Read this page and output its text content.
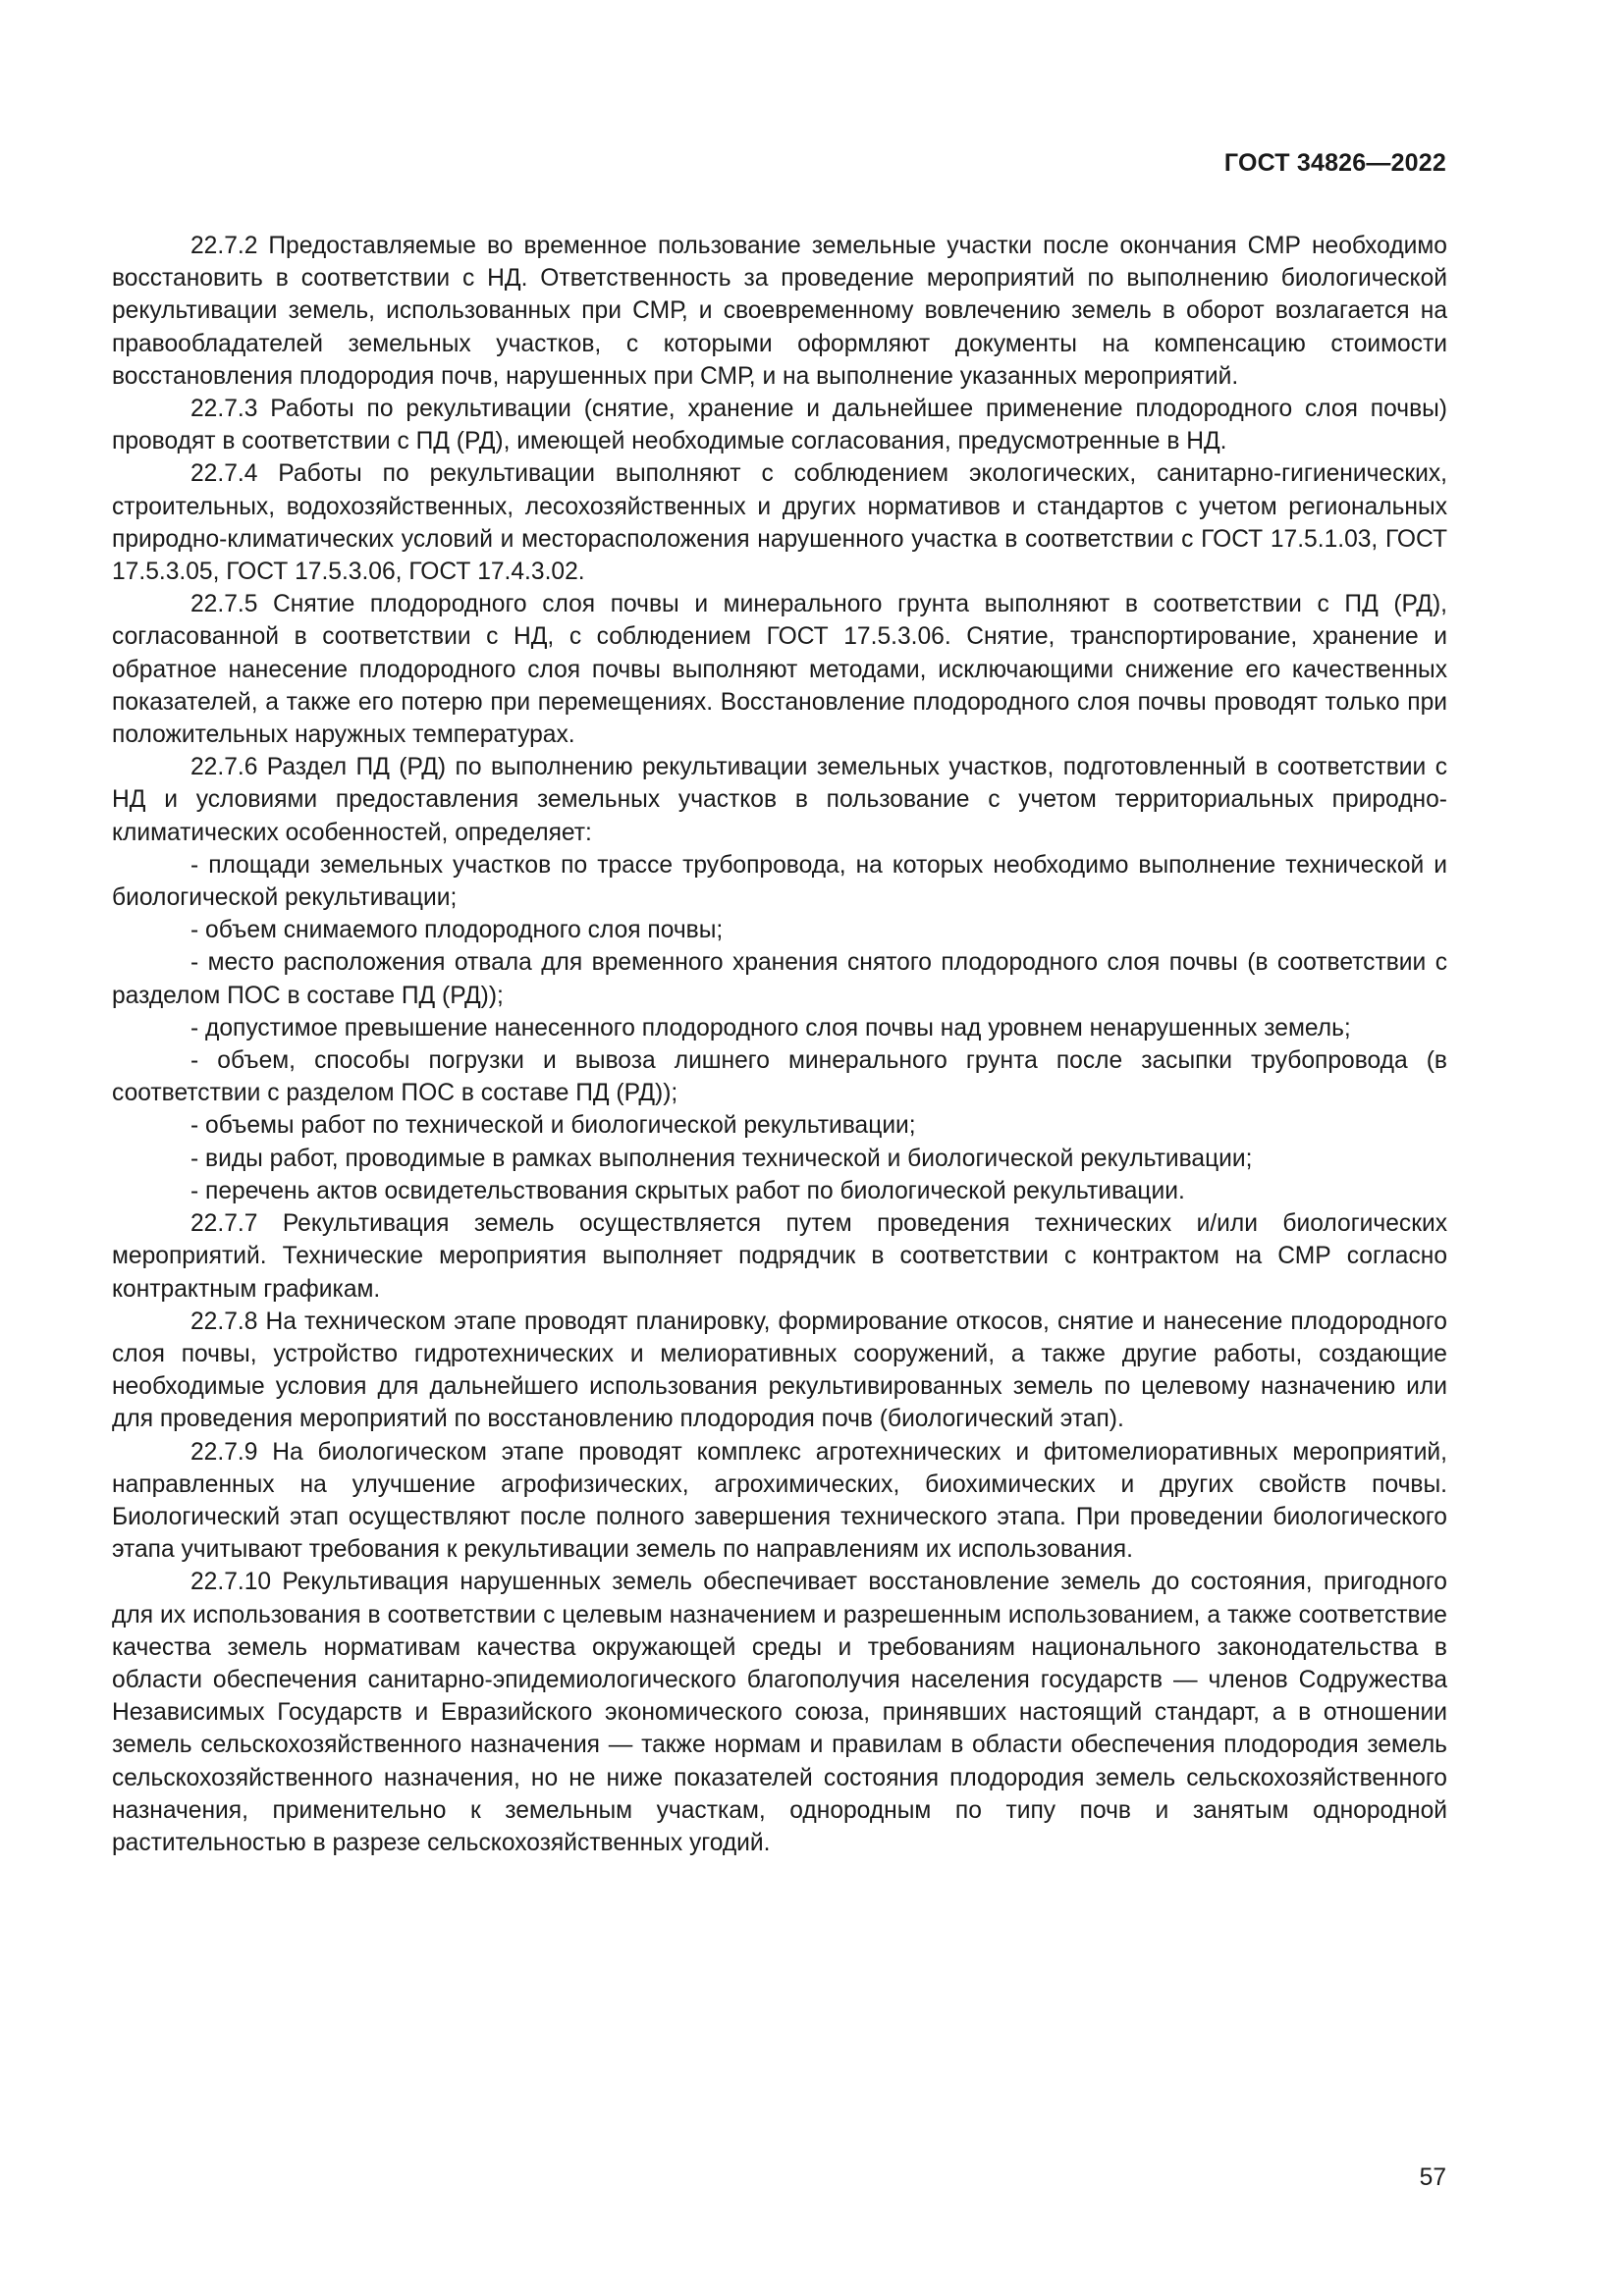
ГОСТ 34826—2022

22.7.2 Предоставляемые во временное пользование земельные участки после окончания СМР необходимо восстановить в соответствии с НД. Ответственность за проведение мероприятий по выполнению биологической рекультивации земель, использованных при СМР, и своевременному вовлечению земель в оборот возлагается на правообладателей земельных участков, с которыми оформляют документы на компенсацию стоимости восстановления плодородия почв, нарушенных при СМР, и на выполнение указанных мероприятий.

22.7.3 Работы по рекультивации (снятие, хранение и дальнейшее применение плодородного слоя почвы) проводят в соответствии с ПД (РД), имеющей необходимые согласования, предусмотренные в НД.

22.7.4 Работы по рекультивации выполняют с соблюдением экологических, санитарно-гигиенических, строительных, водохозяйственных, лесохозяйственных и других нормативов и стандартов с учетом региональных природно-климатических условий и месторасположения нарушенного участка в соответствии с ГОСТ 17.5.1.03, ГОСТ 17.5.3.05, ГОСТ 17.5.3.06, ГОСТ 17.4.3.02.

22.7.5 Снятие плодородного слоя почвы и минерального грунта выполняют в соответствии с ПД (РД), согласованной в соответствии с НД, с соблюдением ГОСТ 17.5.3.06. Снятие, транспортирование, хранение и обратное нанесение плодородного слоя почвы выполняют методами, исключающими снижение его качественных показателей, а также его потерю при перемещениях. Восстановление плодородного слоя почвы проводят только при положительных наружных температурах.

22.7.6 Раздел ПД (РД) по выполнению рекультивации земельных участков, подготовленный в соответствии с НД и условиями предоставления земельных участков в пользование с учетом территориальных природно-климатических особенностей, определяет:

- площади земельных участков по трассе трубопровода, на которых необходимо выполнение технической и биологической рекультивации;

- объем снимаемого плодородного слоя почвы;

- место расположения отвала для временного хранения снятого плодородного слоя почвы (в соответствии с разделом ПОС в составе ПД (РД));

- допустимое превышение нанесенного плодородного слоя почвы над уровнем ненарушенных земель;

- объем, способы погрузки и вывоза лишнего минерального грунта после засыпки трубопровода (в соответствии с разделом ПОС в составе ПД (РД));

- объемы работ по технической и биологической рекультивации;

- виды работ, проводимые в рамках выполнения технической и биологической рекультивации;

- перечень актов освидетельствования скрытых работ по биологической рекультивации.

22.7.7 Рекультивация земель осуществляется путем проведения технических и/или биологических мероприятий. Технические мероприятия выполняет подрядчик в соответствии с контрактом на СМР согласно контрактным графикам.

22.7.8 На техническом этапе проводят планировку, формирование откосов, снятие и нанесение плодородного слоя почвы, устройство гидротехнических и мелиоративных сооружений, а также другие работы, создающие необходимые условия для дальнейшего использования рекультивированных земель по целевому назначению или для проведения мероприятий по восстановлению плодородия почв (биологический этап).

22.7.9 На биологическом этапе проводят комплекс агротехнических и фитомелиоративных мероприятий, направленных на улучшение агрофизических, агрохимических, биохимических и других свойств почвы. Биологический этап осуществляют после полного завершения технического этапа. При проведении биологического этапа учитывают требования к рекультивации земель по направлениям их использования.

22.7.10 Рекультивация нарушенных земель обеспечивает восстановление земель до состояния, пригодного для их использования в соответствии с целевым назначением и разрешенным использованием, а также соответствие качества земель нормативам качества окружающей среды и требованиям национального законодательства в области обеспечения санитарно-эпидемиологического благополучия населения государств — членов Содружества Независимых Государств и Евразийского экономического союза, принявших настоящий стандарт, а в отношении земель сельскохозяйственного назначения — также нормам и правилам в области обеспечения плодородия земель сельскохозяйственного назначения, но не ниже показателей состояния плодородия земель сельскохозяйственного назначения, применительно к земельным участкам, однородным по типу почв и занятым однородной растительностью в разрезе сельскохозяйственных угодий.

57
